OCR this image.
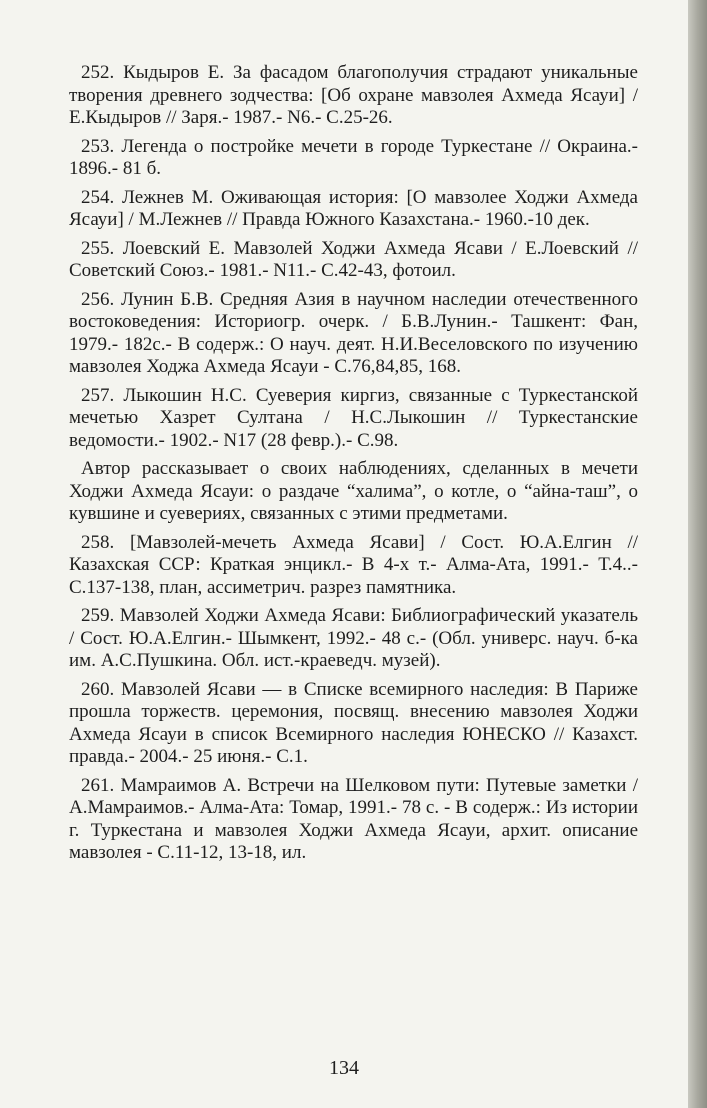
252. Кыдыров Е. За фасадом благополучия страдают уникальные творения древнего зодчества: [Об охране мавзолея Ахмеда Ясауи] / Е.Кыдыров // Заря.- 1987.- N6.- С.25-26.

253. Легенда о постройке мечети в городе Туркестане // Окраина.- 1896.- 81 б.

254. Лежнев М. Оживающая история: [О мавзолее Ходжи Ахмеда Ясауи] / М.Лежнев // Правда Южного Казахстана.- 1960.-10 дек.

255. Лоевский Е. Мавзолей Ходжи Ахмеда Ясави / Е.Лоевский // Советский Союз.- 1981.- N11.- С.42-43, фотоил.

256. Лунин Б.В. Средняя Азия в научном наследии отечественного востоковедения: Историогр. очерк. / Б.В.Лунин.- Ташкент: Фан, 1979.- 182с.- В содерж.: О науч. деят. Н.И.Веселовского по изучению мавзолея Ходжа Ахмеда Ясауи - С.76,84,85, 168.

257. Лыкошин Н.С. Суеверия киргиз, связанные с Туркестанской мечетью Хазрет Султана / Н.С.Лыкошин // Туркестанские ведомости.- 1902.- N17 (28 февр.).- С.98.

Автор рассказывает о своих наблюдениях, сделанных в мечети Ходжи Ахмеда Ясауи: о раздаче “халима”, о котле, о “айна-таш”, о кувшине и суевериях, связанных с этими предметами.

258. [Мавзолей-мечеть Ахмеда Ясави] / Сост. Ю.А.Елгин // Казахская ССР: Краткая энцикл.- В 4-х т.- Алма-Ата, 1991.- Т.4..- С.137-138, план, ассиметрич. разрез памятника.

259. Мавзолей Ходжи Ахмеда Ясави: Библиографический указатель / Сост. Ю.А.Елгин.- Шымкент, 1992.- 48 с.- (Обл. универс. науч. б-ка им. А.С.Пушкина. Обл. ист.-краеведч. музей).

260. Мавзолей Ясави — в Списке всемирного наследия: В Париже прошла торжеств. церемония, посвящ. внесению мавзолея Ходжи Ахмеда Ясауи в список Всемирного наследия ЮНЕСКО // Казахст. правда.- 2004.- 25 июня.- С.1.

261. Мамраимов А. Встречи на Шелковом пути: Путевые заметки / А.Мамраимов.- Алма-Ата: Томар, 1991.- 78 с. - В содерж.: Из истории г. Туркестана и мавзолея Ходжи Ахмеда Ясауи, архит. описание мавзолея - С.11-12, 13-18, ил.

134
